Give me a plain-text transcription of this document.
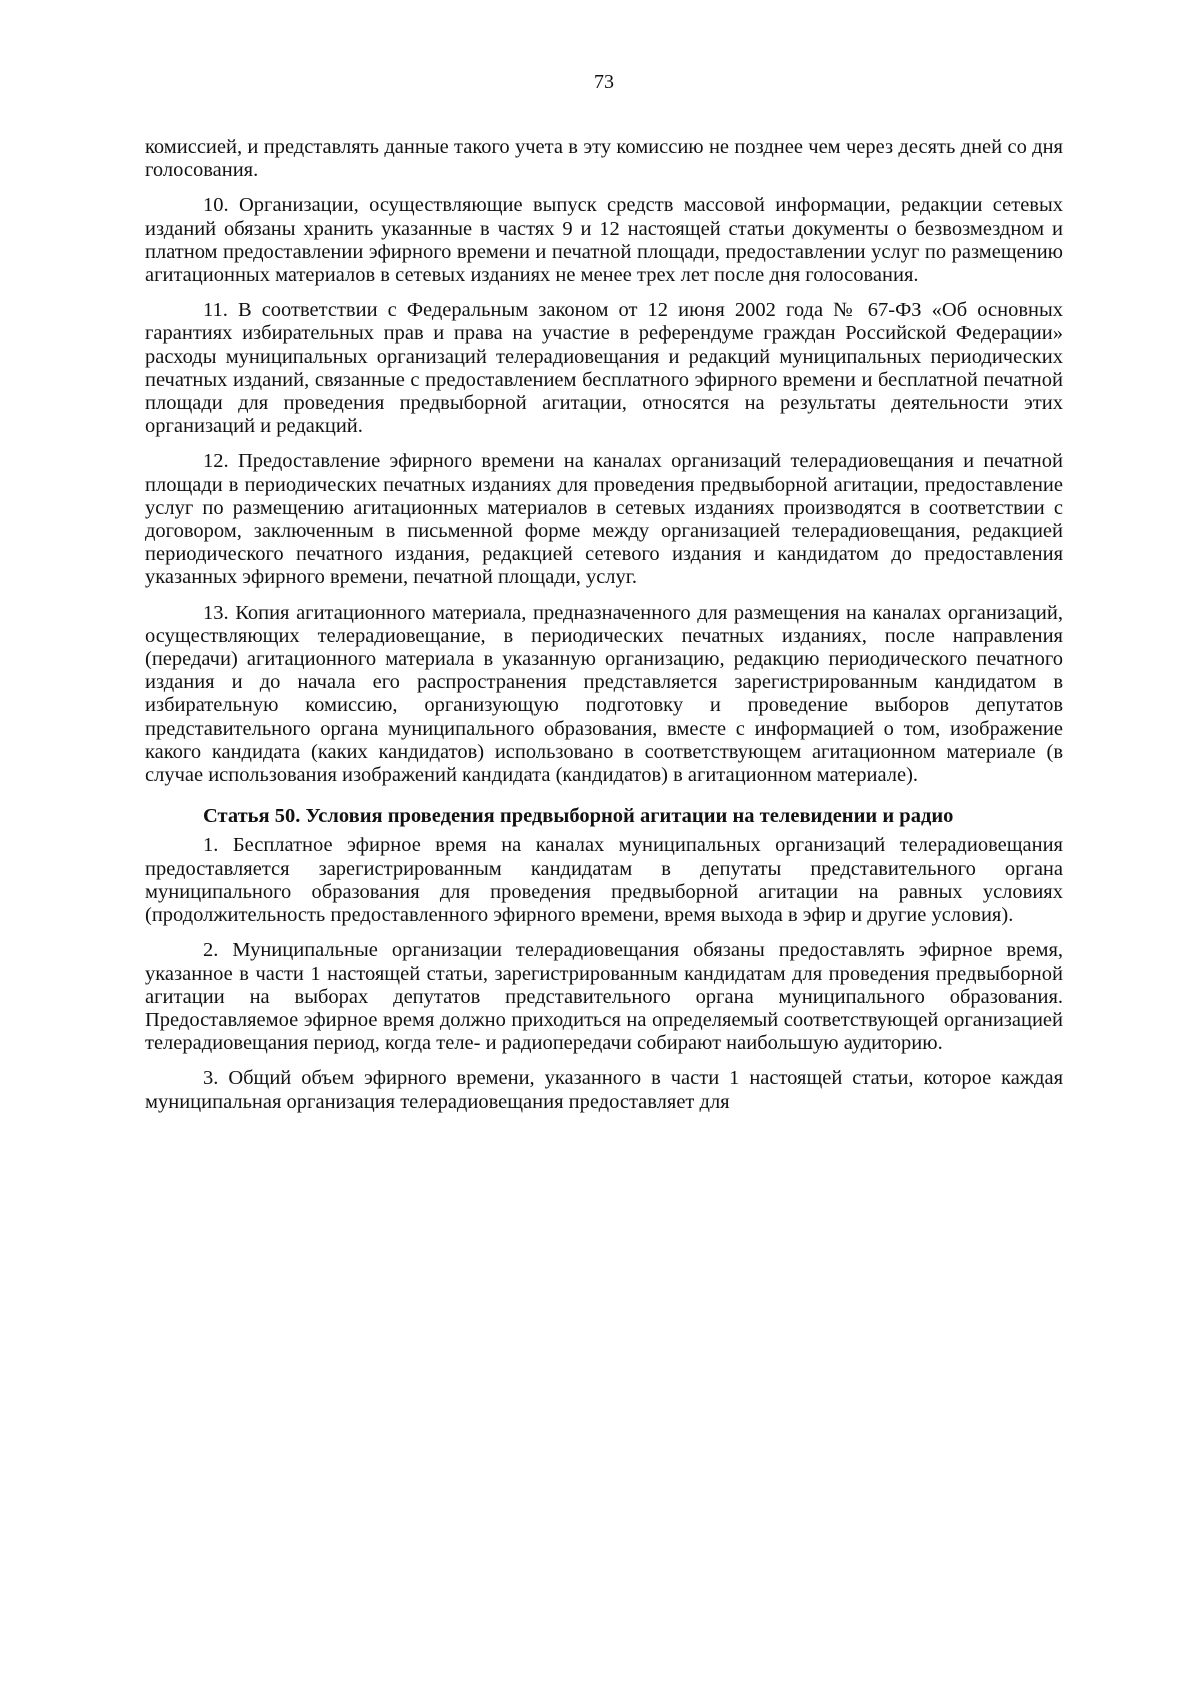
73

комиссией, и представлять данные такого учета в эту комиссию не позднее чем через десять дней со дня голосования.

10. Организации, осуществляющие выпуск средств массовой информации, редакции сетевых изданий обязаны хранить указанные в частях 9 и 12 настоящей статьи документы о безвозмездном и платном предоставлении эфирного времени и печатной площади, предоставлении услуг по размещению агитационных материалов в сетевых изданиях не менее трех лет после дня голосования.

11. В соответствии с Федеральным законом от 12 июня 2002 года № 67-ФЗ «Об основных гарантиях избирательных прав и права на участие в референдуме граждан Российской Федерации» расходы муниципальных организаций телерадиовещания и редакций муниципальных периодических печатных изданий, связанные с предоставлением бесплатного эфирного времени и бесплатной печатной площади для проведения предвыборной агитации, относятся на результаты деятельности этих организаций и редакций.

12. Предоставление эфирного времени на каналах организаций телерадиовещания и печатной площади в периодических печатных изданиях для проведения предвыборной агитации, предоставление услуг по размещению агитационных материалов в сетевых изданиях производятся в соответствии с договором, заключенным в письменной форме между организацией телерадиовещания, редакцией периодического печатного издания, редакцией сетевого издания и кандидатом до предоставления указанных эфирного времени, печатной площади, услуг.

13. Копия агитационного материала, предназначенного для размещения на каналах организаций, осуществляющих телерадиовещание, в периодических печатных изданиях, после направления (передачи) агитационного материала в указанную организацию, редакцию периодического печатного издания и до начала его распространения представляется зарегистрированным кандидатом в избирательную комиссию, организующую подготовку и проведение выборов депутатов представительного органа муниципального образования, вместе с информацией о том, изображение какого кандидата (каких кандидатов) использовано в соответствующем агитационном материале (в случае использования изображений кандидата (кандидатов) в агитационном материале).

Статья 50. Условия проведения предвыборной агитации на телевидении и радио

1. Бесплатное эфирное время на каналах муниципальных организаций телерадиовещания предоставляется зарегистрированным кандидатам в депутаты представительного органа муниципального образования для проведения предвыборной агитации на равных условиях (продолжительность предоставленного эфирного времени, время выхода в эфир и другие условия).

2. Муниципальные организации телерадиовещания обязаны предоставлять эфирное время, указанное в части 1 настоящей статьи, зарегистрированным кандидатам для проведения предвыборной агитации на выборах депутатов представительного органа муниципального образования. Предоставляемое эфирное время должно приходиться на определяемый соответствующей организацией телерадиовещания период, когда теле- и радиопередачи собирают наибольшую аудиторию.

3. Общий объем эфирного времени, указанного в части 1 настоящей статьи, которое каждая муниципальная организация телерадиовещания предоставляет для
